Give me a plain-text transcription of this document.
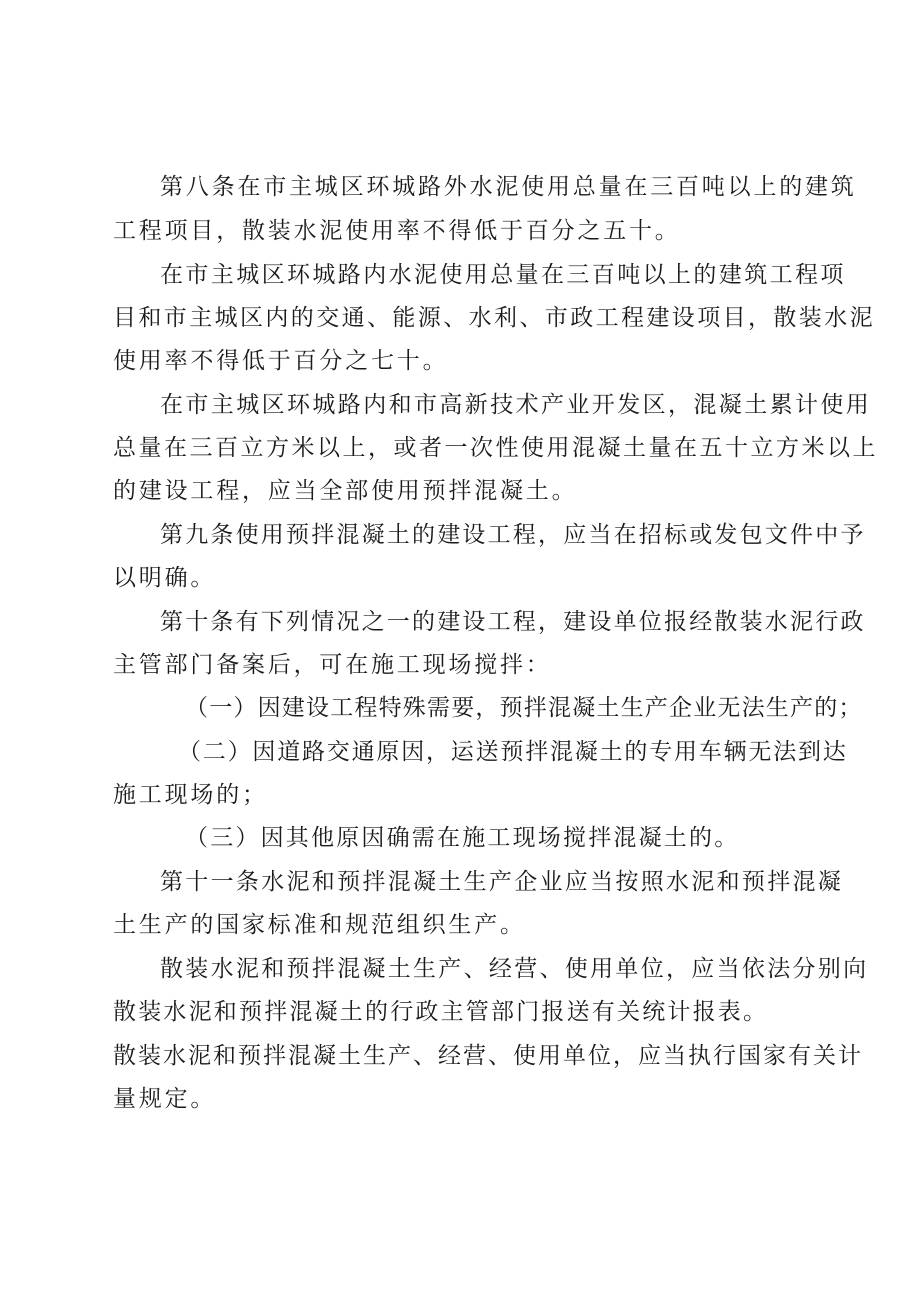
第八条在市主城区环城路外水泥使用总量在三百吨以上的建筑
工程项目，散装水泥使用率不得低于百分之五十。
在市主城区环城路内水泥使用总量在三百吨以上的建筑工程项
目和市主城区内的交通、能源、水利、市政工程建设项目，散装水泥
使用率不得低于百分之七十。
在市主城区环城路内和市高新技术产业开发区，混凝土累计使用
总量在三百立方米以上，或者一次性使用混凝土量在五十立方米以上
的建设工程，应当全部使用预拌混凝土。
第九条使用预拌混凝土的建设工程，应当在招标或发包文件中予
以明确。
第十条有下列情况之一的建设工程，建设单位报经散装水泥行政
主管部门备案后，可在施工现场搅拌：
（一）因建设工程特殊需要，预拌混凝土生产企业无法生产的；
（二）因道路交通原因，运送预拌混凝土的专用车辆无法到达
施工现场的；
（三）因其他原因确需在施工现场搅拌混凝土的。
第十一条水泥和预拌混凝土生产企业应当按照水泥和预拌混凝
土生产的国家标准和规范组织生产。
散装水泥和预拌混凝土生产、经营、使用单位，应当依法分别向
散装水泥和预拌混凝土的行政主管部门报送有关统计报表。
散装水泥和预拌混凝土生产、经营、使用单位，应当执行国家有关计
量规定。
